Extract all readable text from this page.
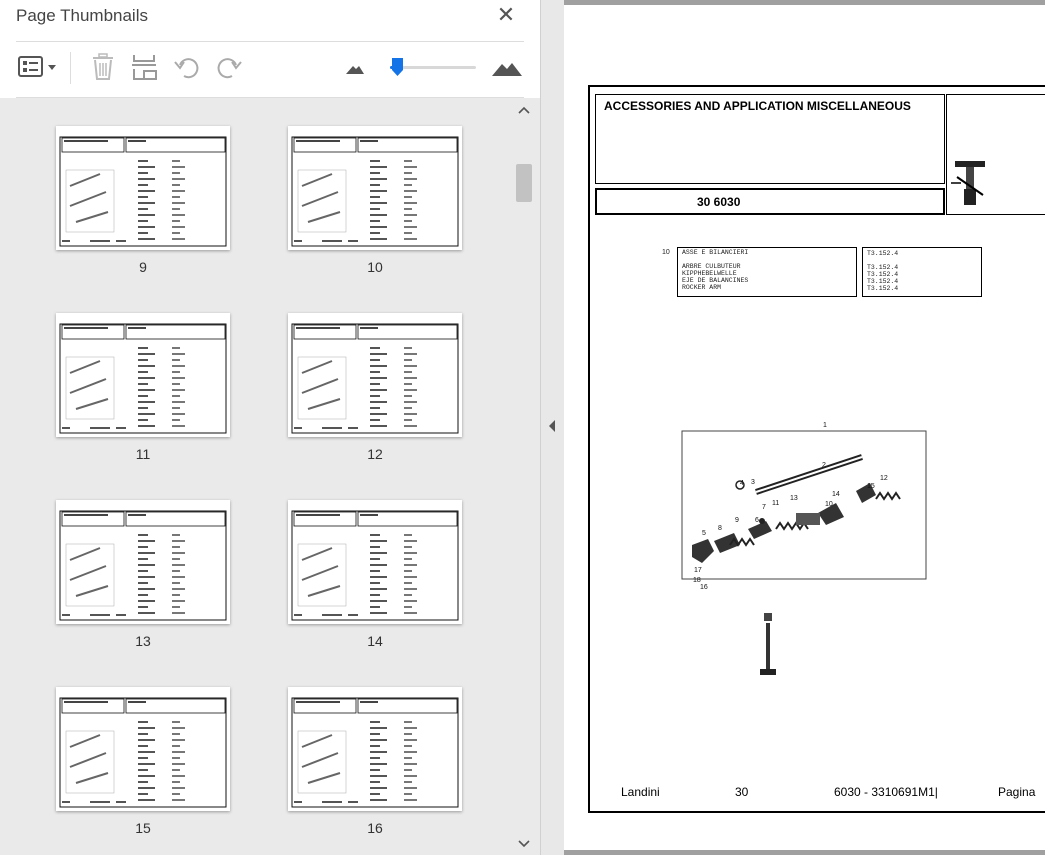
Page Thumbnails	✕
9	10
11	12
13	14
15	16
ACCESSORIES AND APPLICATION MISCELLANEOUS
30 6030
10	ASSE E BILANCIERI

ARBRE CULBUTEUR
KIPPHEBELWELLE
EJE DE BALANCINES
ROCKER ARM
T3.152.4

T3.152.4
T3.152.4
T3.152.4
T3.152.4
1
2
3
4
5
6
7
8
9
10
11
12
13
14
15
16
17
18
Landini	30	6030 - 3310691M1|	Pagina
